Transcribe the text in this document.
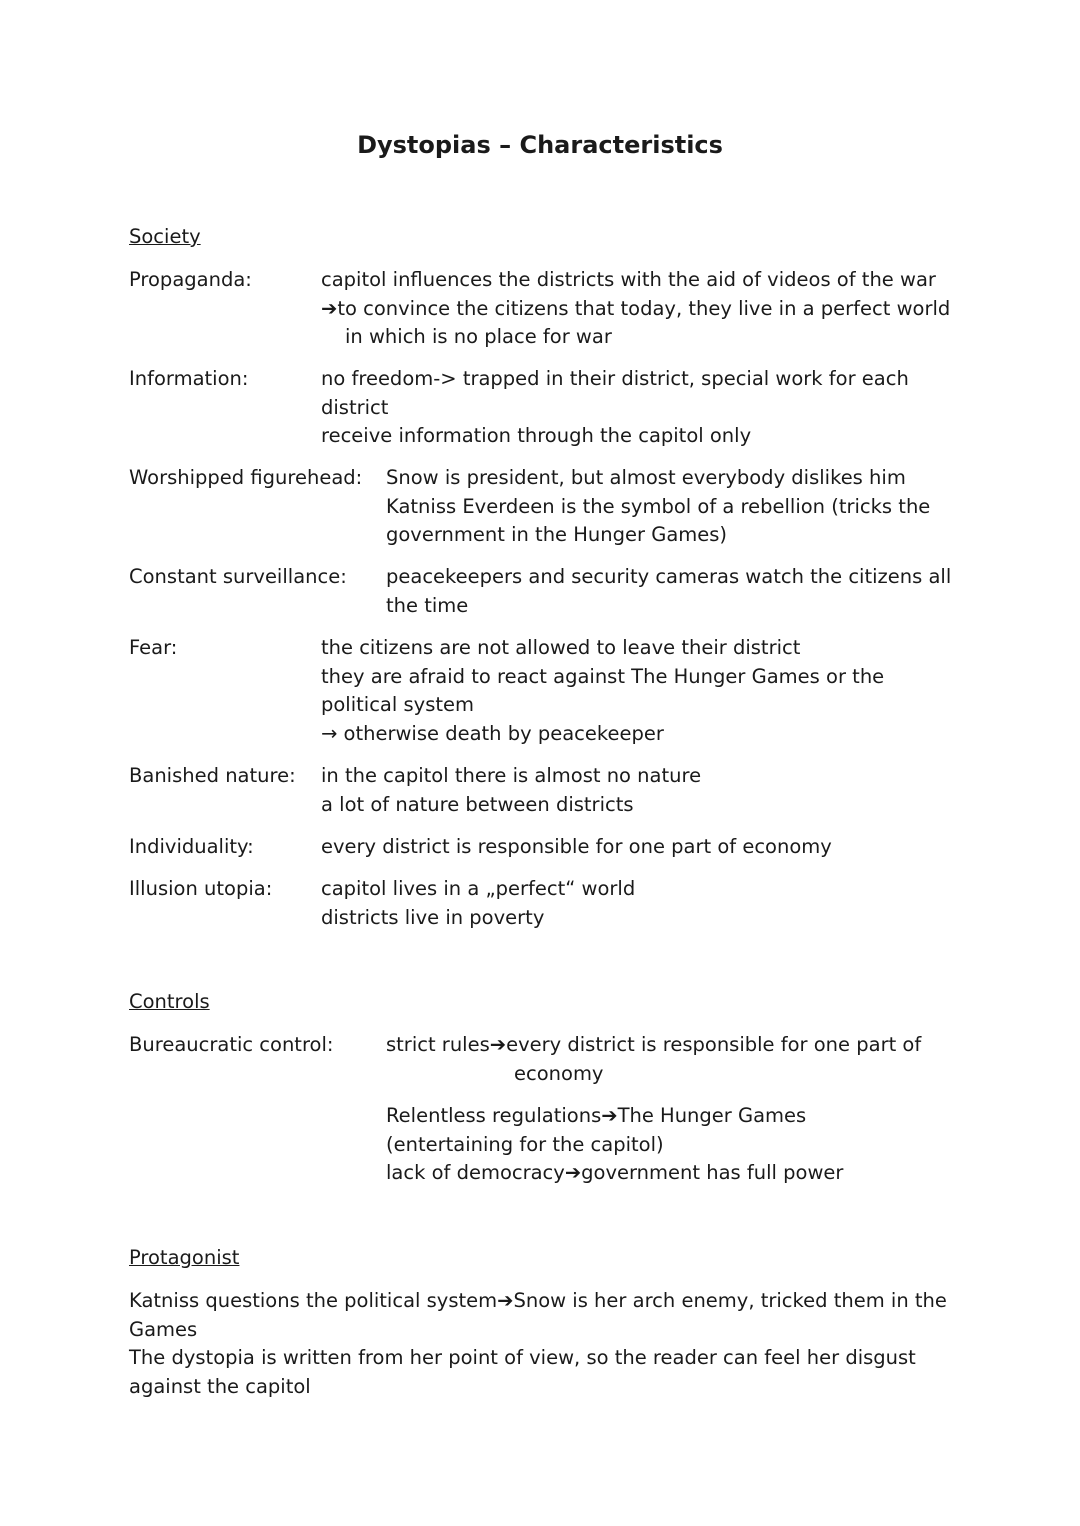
Dystopias – Characteristics
Society
Propaganda:	capitol influences the districts with the aid of videos of the war
➔to convince the citizens that today, they live in a perfect world
in which is no place for war
Information:	no freedom-> trapped in their district, special work for each
district
receive information through the capitol only
Worshipped figurehead: Snow is president, but almost everybody dislikes him
Katniss Everdeen is the symbol of a rebellion (tricks the
government in the Hunger Games)
Constant surveillance: peacekeepers and security cameras watch the citizens all
the time
Fear:	the citizens are not allowed to leave their district
they are afraid to react against The Hunger Games or the
political system
→ otherwise death by peacekeeper
Banished nature: in the capitol there is almost no nature
a lot of nature between districts
Individuality:	every district is responsible for one part of economy
Illusion utopia: capitol lives in a „perfect“ world
districts live in poverty
Controls
Bureaucratic control:	strict rules➔every district is responsible for one part of
economy
Relentless regulations➔The Hunger Games
(entertaining for the capitol)
lack of democracy➔government has full power
Protagonist
Katniss questions the political system➔Snow is her arch enemy, tricked them in the
Games
The dystopia is written from her point of view, so the reader can feel her disgust
against the capitol
